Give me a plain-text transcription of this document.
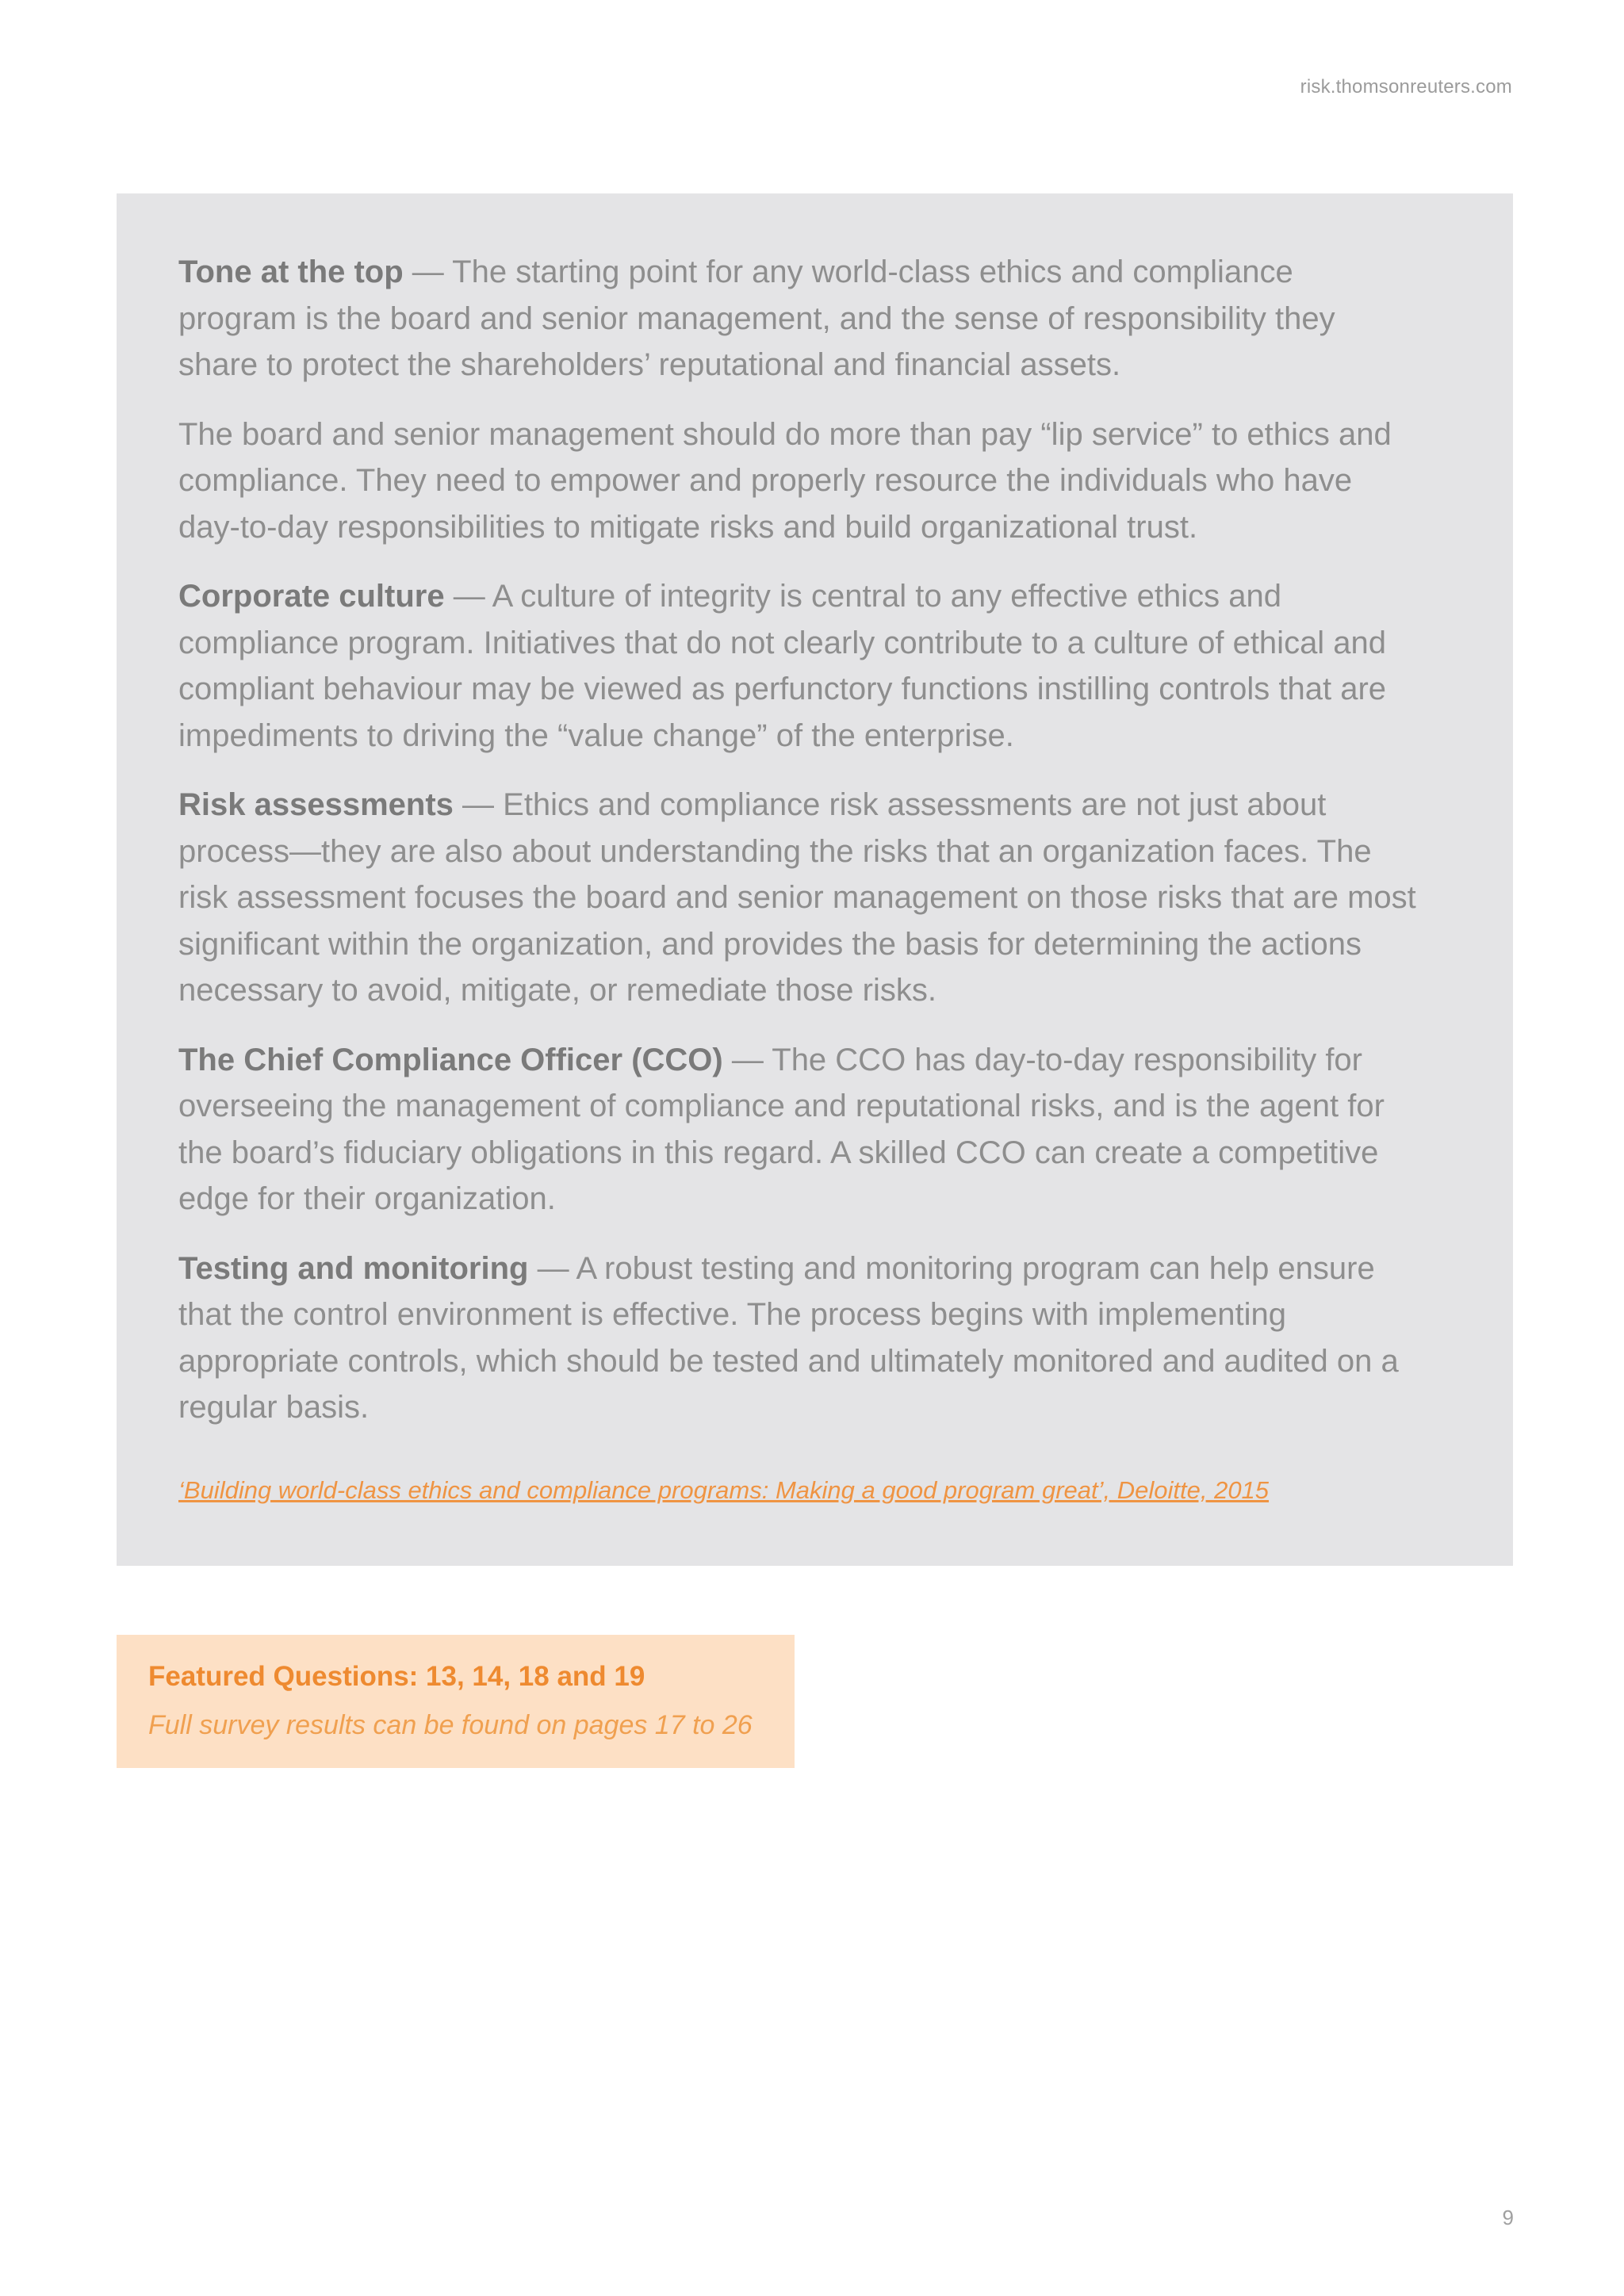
risk.thomsonreuters.com

Tone at the top — The starting point for any world-class ethics and compliance program is the board and senior management, and the sense of responsibility they share to protect the shareholders’ reputational and financial assets.

The board and senior management should do more than pay “lip service” to ethics and compliance. They need to empower and properly resource the individuals who have day-to-day responsibilities to mitigate risks and build organizational trust.

Corporate culture — A culture of integrity is central to any effective ethics and compliance program. Initiatives that do not clearly contribute to a culture of ethical and compliant behaviour may be viewed as perfunctory functions instilling controls that are impediments to driving the “value change” of the enterprise.

Risk assessments — Ethics and compliance risk assessments are not just about process—they are also about understanding the risks that an organization faces. The risk assessment focuses the board and senior management on those risks that are most significant within the organization, and provides the basis for determining the actions necessary to avoid, mitigate, or remediate those risks.

The Chief Compliance Officer (CCO) — The CCO has day-to-day responsibility for overseeing the management of compliance and reputational risks, and is the agent for the board’s fiduciary obligations in this regard. A skilled CCO can create a competitive edge for their organization.

Testing and monitoring — A robust testing and monitoring program can help ensure that the control environment is effective. The process begins with implementing appropriate controls, which should be tested and ultimately monitored and audited on a regular basis.

‘Building world-class ethics and compliance programs: Making a good program great’, Deloitte, 2015
Featured Questions: 13, 14, 18 and 19
Full survey results can be found on pages 17 to 26
9
